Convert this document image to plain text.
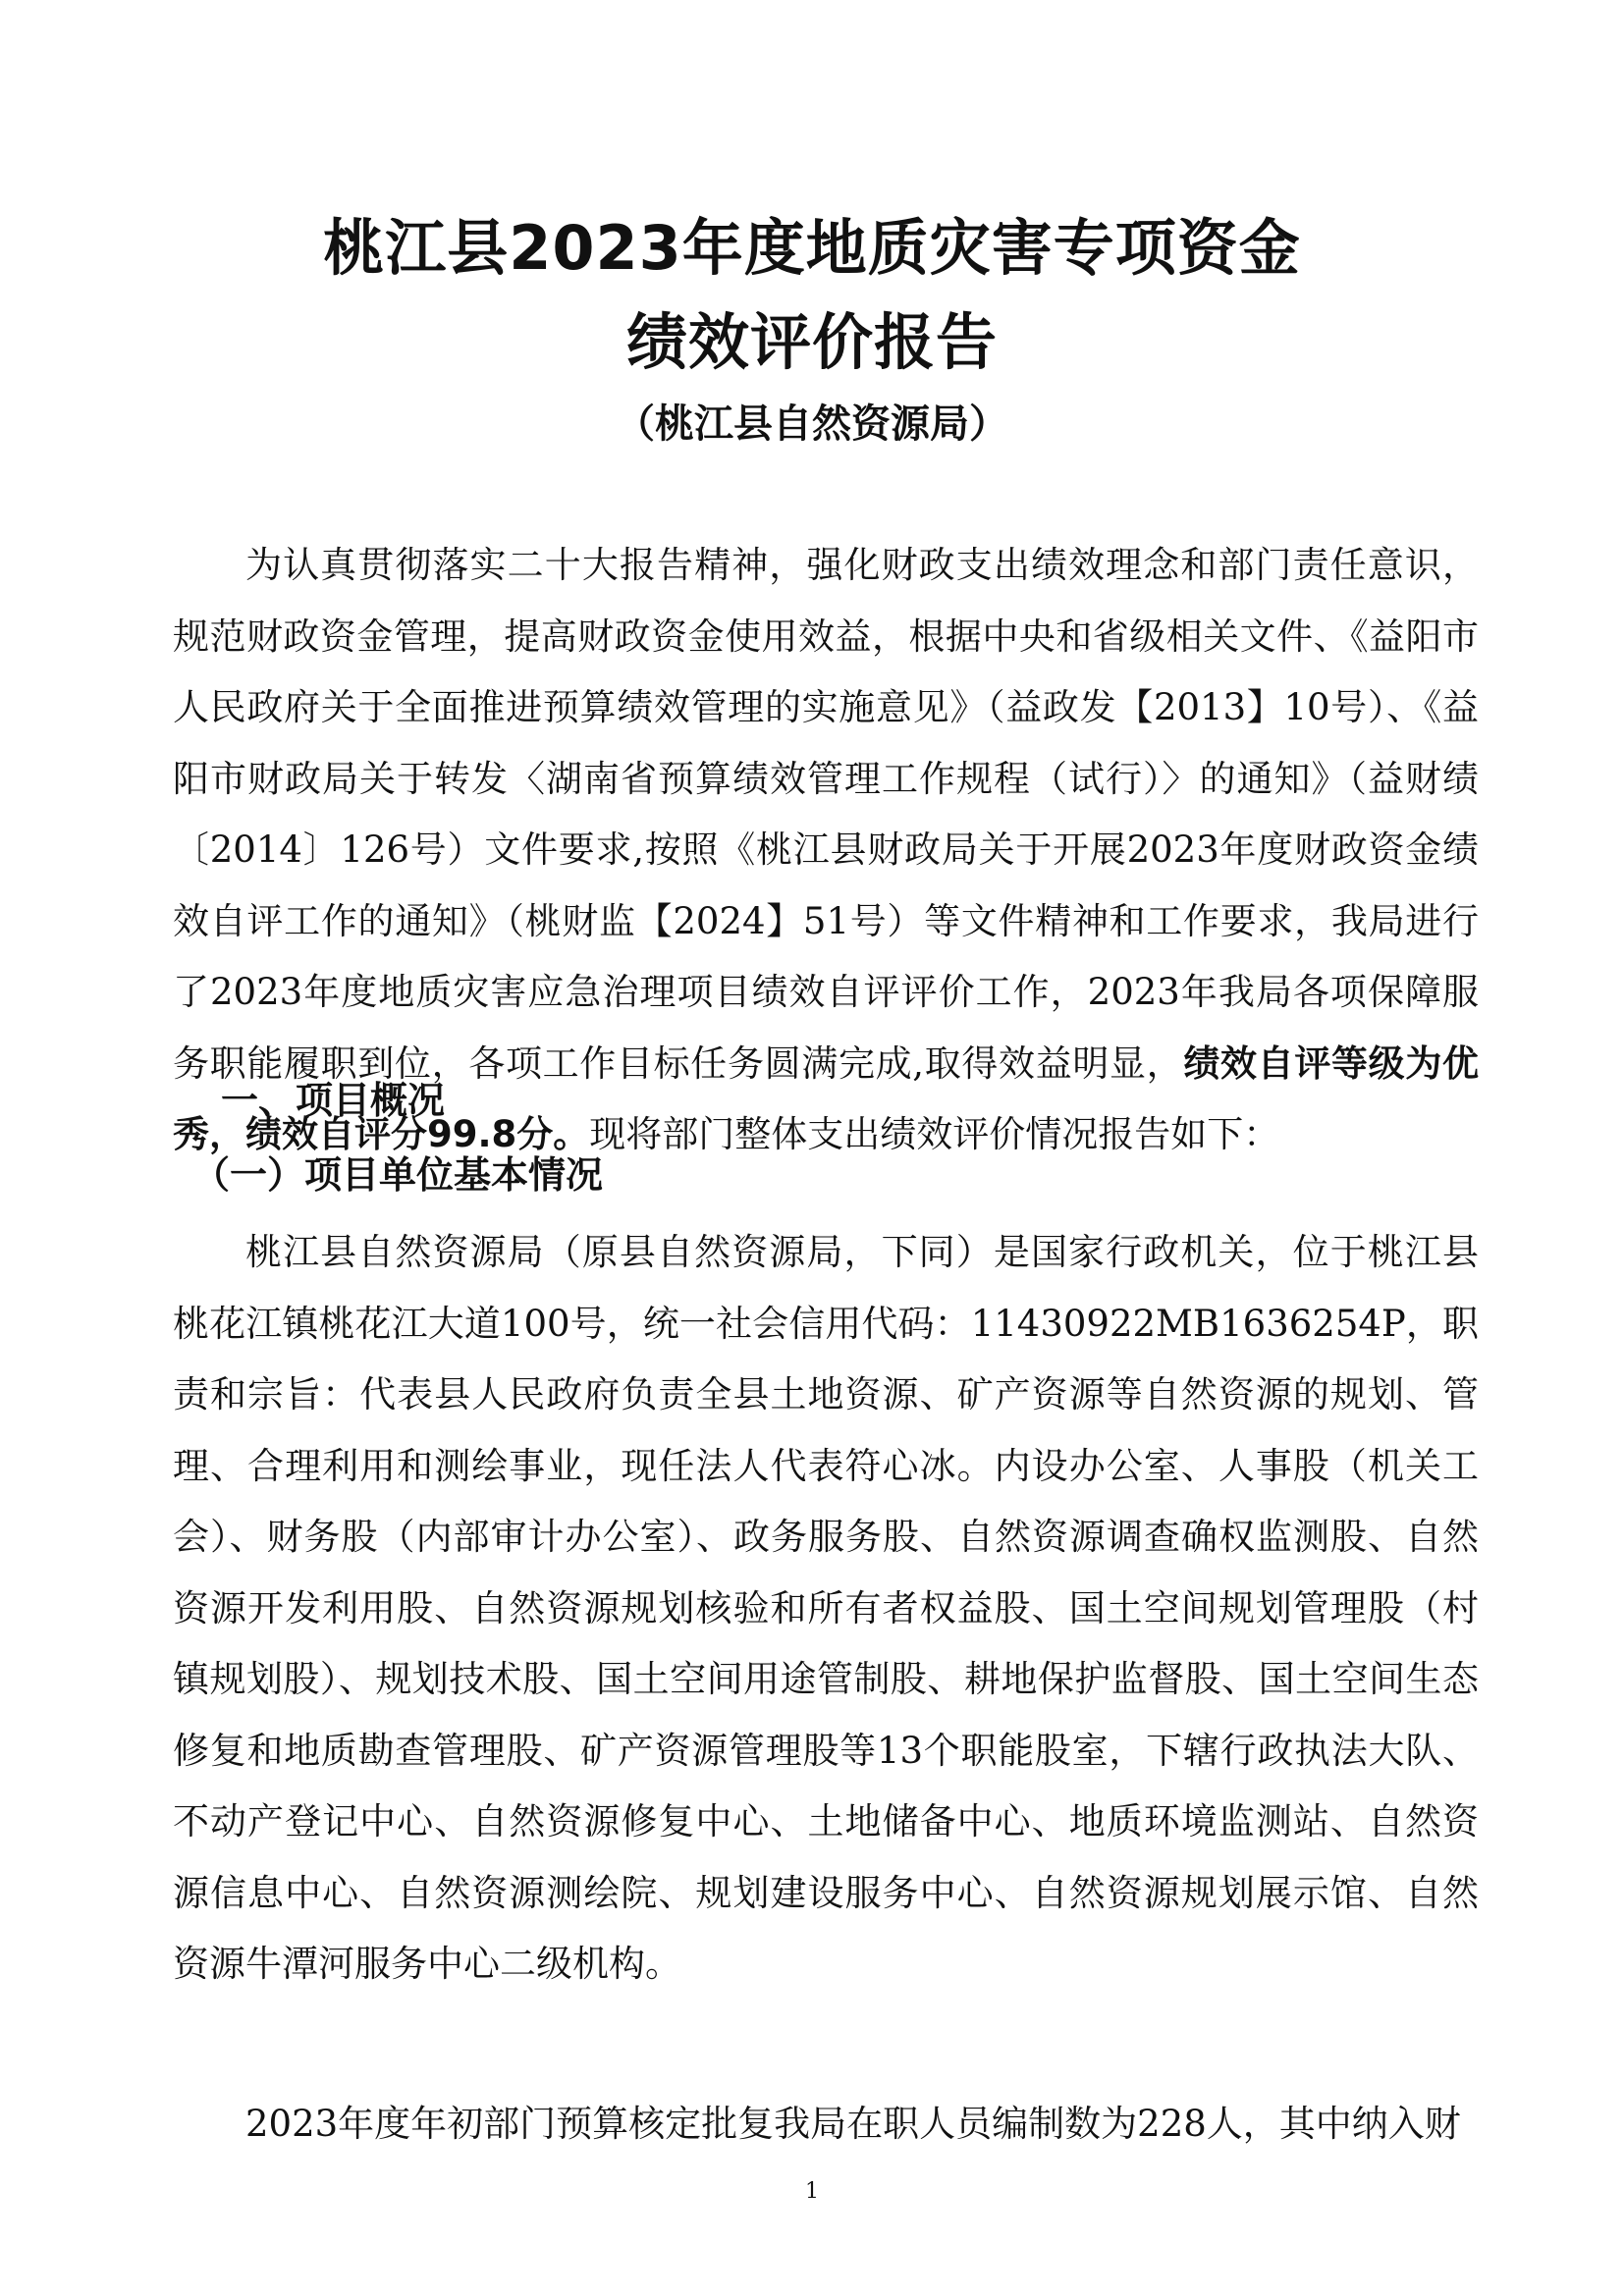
桃江县2023年度地质灾害专项资金
绩效评价报告
（桃江县自然资源局）
为认真贯彻落实二十大报告精神，强化财政支出绩效理念和部门责任意识，规范财政资金管理，提高财政资金使用效益，根据中央和省级相关文件、《益阳市人民政府关于全面推进预算绩效管理的实施意见》（益政发【2013】10号）、《益阳市财政局关于转发〈湖南省预算绩效管理工作规程（试行）〉的通知》（益财绩〔2014〕126号）文件要求,按照《桃江县财政局关于开展2023年度财政资金绩效自评工作的通知》（桃财监【2024】51号）等文件精神和工作要求，我局进行了2023年度地质灾害应急治理项目绩效自评评价工作，2023年我局各项保障服务职能履职到位，各项工作目标任务圆满完成,取得效益明显，绩效自评等级为优秀，绩效自评分99.8分。现将部门整体支出绩效评价情况报告如下：
一、项目概况
（一）项目单位基本情况
桃江县自然资源局（原县自然资源局，下同）是国家行政机关，位于桃江县桃花江镇桃花江大道100号，统一社会信用代码：11430922MB1636254P，职责和宗旨：代表县人民政府负责全县土地资源、矿产资源等自然资源的规划、管理、合理利用和测绘事业，现任法人代表符心冰。内设办公室、人事股（机关工会）、财务股（内部审计办公室）、政务服务股、自然资源调查确权监测股、自然资源开发利用股、自然资源规划核验和所有者权益股、国土空间规划管理股（村镇规划股）、规划技术股、国土空间用途管制股、耕地保护监督股、国土空间生态修复和地质勘查管理股、矿产资源管理股等13个职能股室，下辖行政执法大队、不动产登记中心、自然资源修复中心、土地储备中心、地质环境监测站、自然资源信息中心、自然资源测绘院、规划建设服务中心、自然资源规划展示馆、自然资源牛潭河服务中心二级机构。
2023年度年初部门预算核定批复我局在职人员编制数为228人，其中纳入财
1
